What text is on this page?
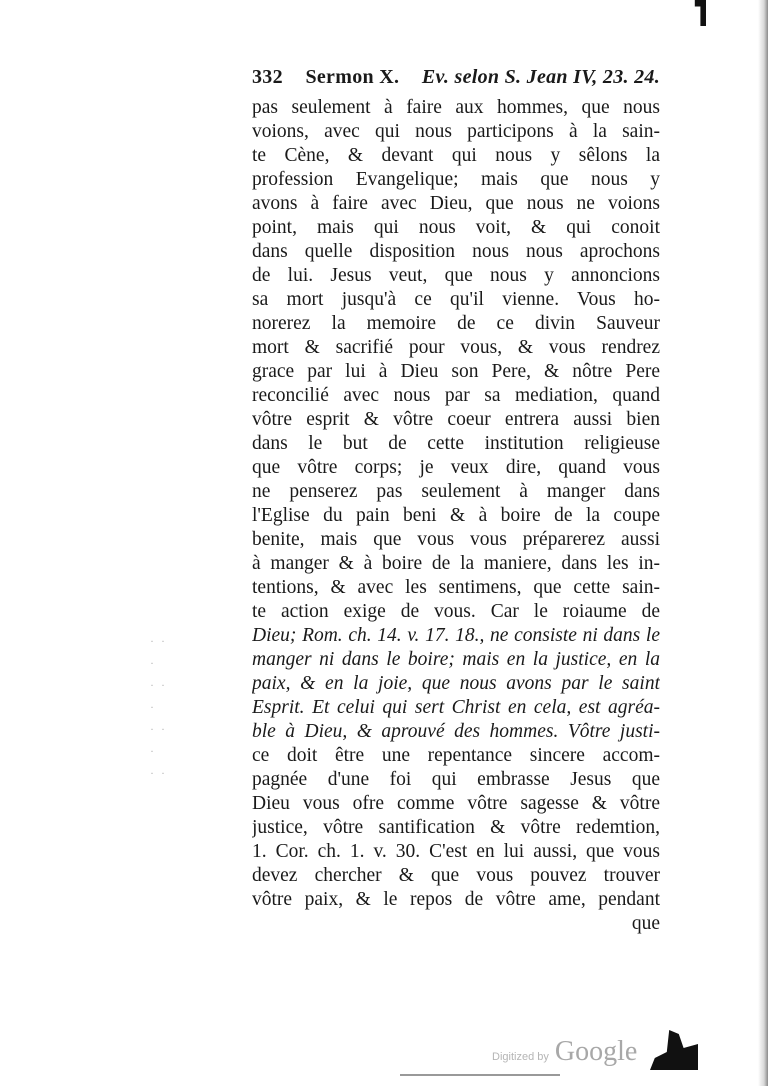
· ·
·
· ·
·
· ·
·
· ·
332 Sermon X. Ev. selon S. Jean IV, 23. 24.
pas seulement à faire aux hommes, que nous
voions, avec qui nous participons à la sain-
te Cène, & devant qui nous y sêlons la
profession Evangelique; mais que nous y
avons à faire avec Dieu, que nous ne voions
point, mais qui nous voit, & qui conoit
dans quelle disposition nous nous aprochons
de lui. Jesus veut, que nous y annoncions
sa mort jusqu'à ce qu'il vienne. Vous ho-
norerez la memoire de ce divin Sauveur
mort & sacrifié pour vous, & vous rendrez
grace par lui à Dieu son Pere, & nôtre Pere
reconcilié avec nous par sa mediation, quand
vôtre esprit & vôtre coeur entrera aussi bien
dans le but de cette institution religieuse
que vôtre corps; je veux dire, quand vous
ne penserez pas seulement à manger dans
l'Eglise du pain beni & à boire de la coupe
benite, mais que vous vous préparerez aussi
à manger & à boire de la maniere, dans les in-
tentions, & avec les sentimens, que cette sain-
te action exige de vous. Car le roiaume de
Dieu; Rom. ch. 14. v. 17. 18., ne consiste ni dans le
manger ni dans le boire; mais en la justice, en la
paix, & en la joie, que nous avons par le saint
Esprit. Et celui qui sert Christ en cela, est agréa-
ble à Dieu, & aprouvé des hommes. Vôtre justi-
ce doit être une repentance sincere accom-
pagnée d'une foi qui embrasse Jesus que
Dieu vous ofre comme vôtre sagesse & vôtre
justice, vôtre santification & vôtre redemtion,
1. Cor. ch. 1. v. 30. C'est en lui aussi, que vous
devez chercher & que vous pouvez trouver
vôtre paix, & le repos de vôtre ame, pendant
que
Digitized by Google
